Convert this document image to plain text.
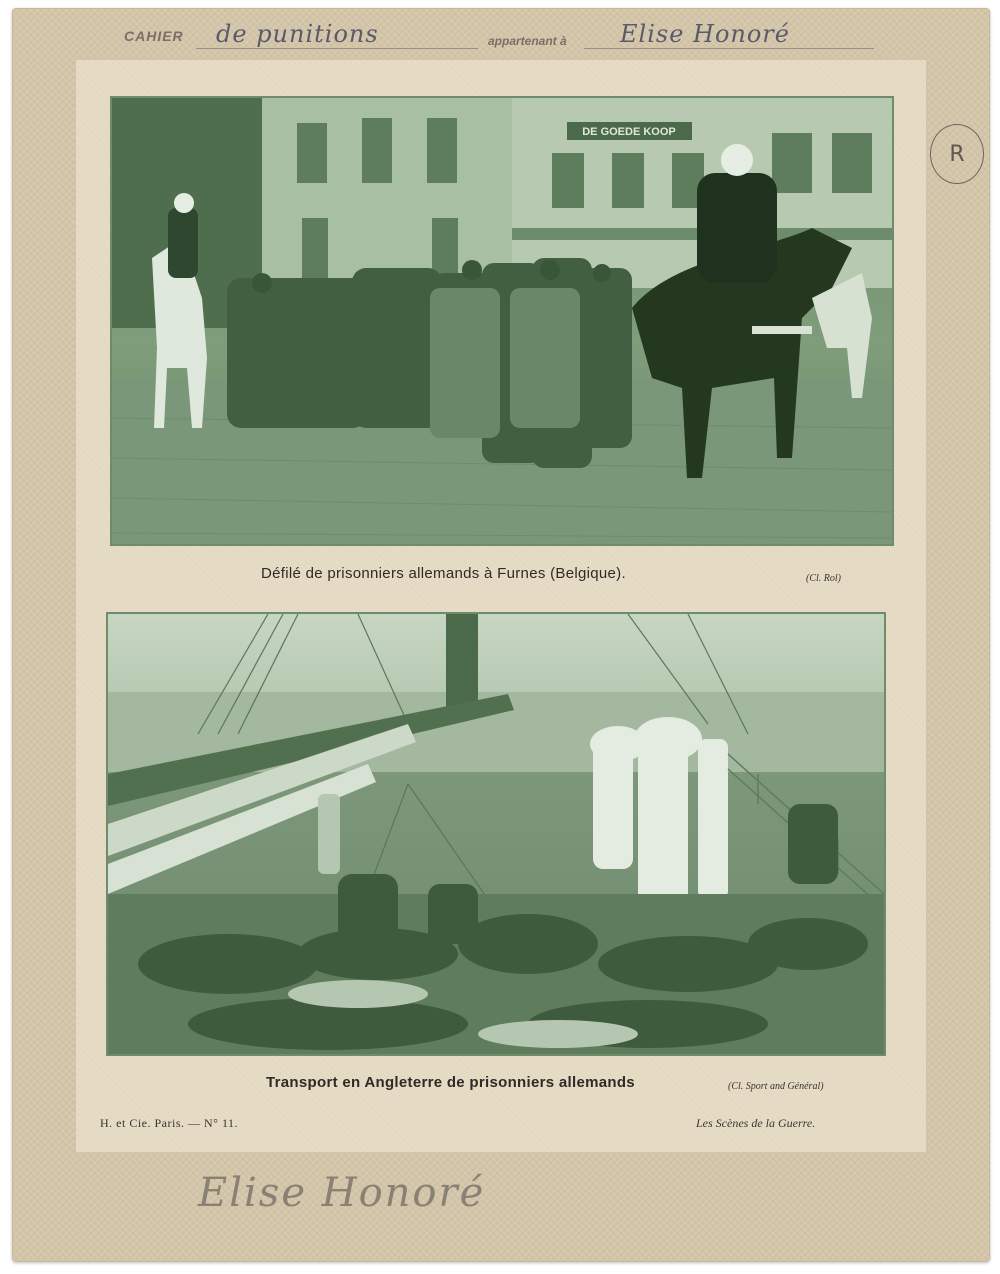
CAHIER de punitions	appartenant à Elise Honoré
R
DE GOEDE KOOP
Défilé de prisonniers allemands à Furnes (Belgique).	(Cl. Rol)
Transport en Angleterre de prisonniers allemands	(Cl. Sport and Général)
H. et Cie. Paris. — N° 11.	Les Scènes de la Guerre.
Elise Honoré
